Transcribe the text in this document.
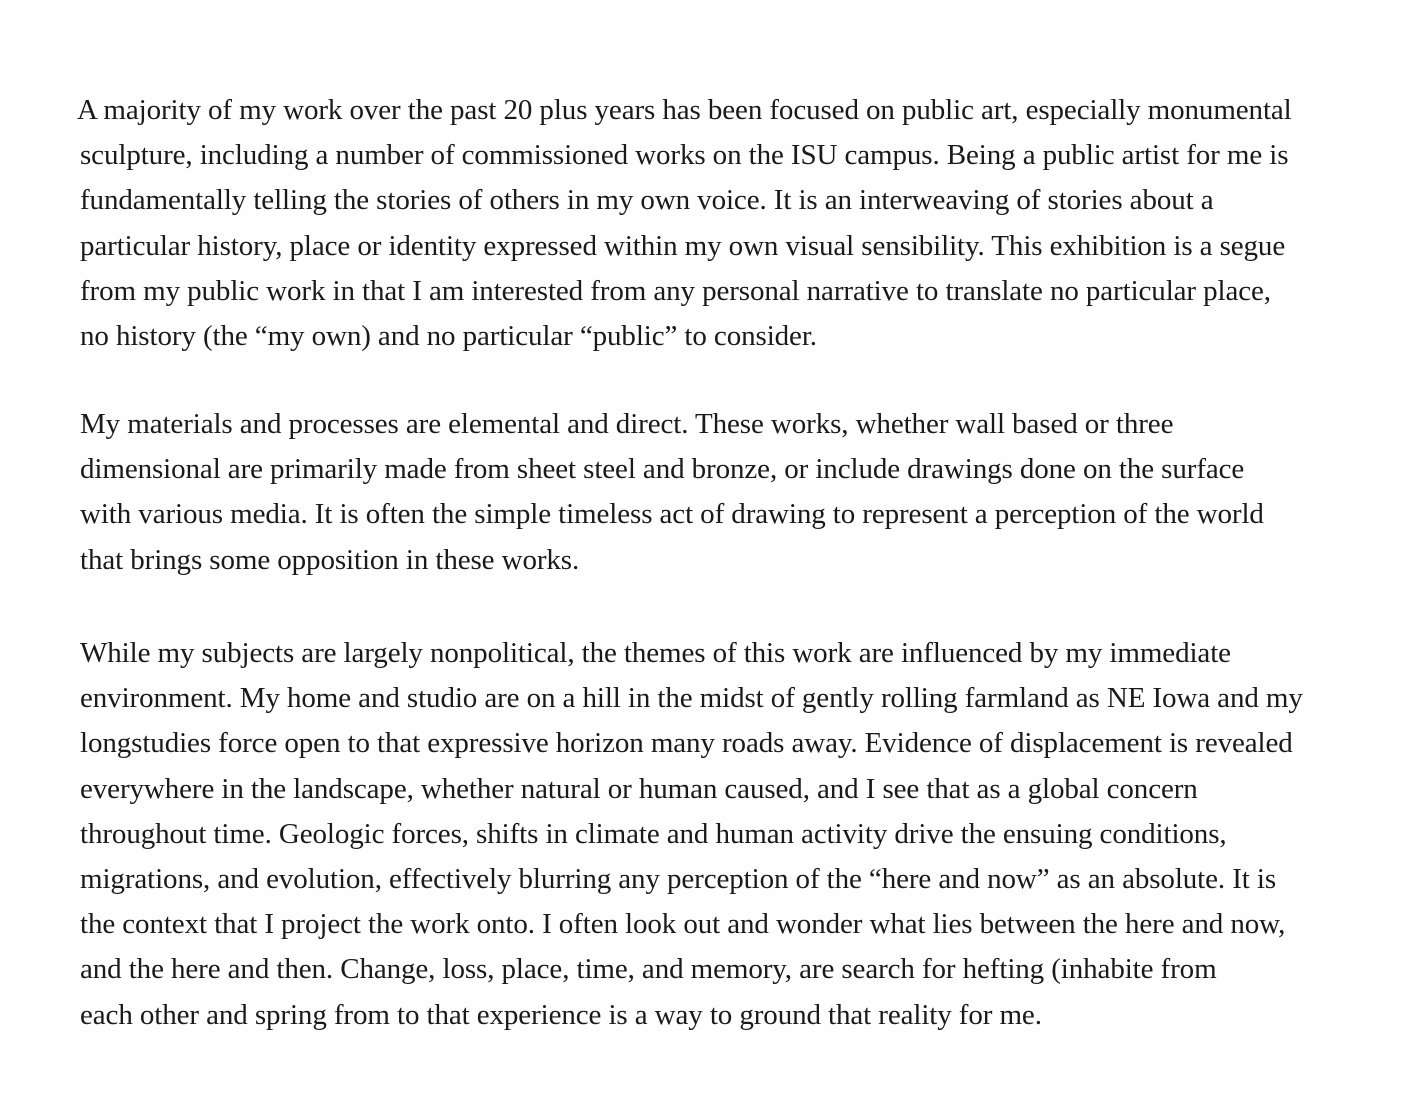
A majority of my work over the past 20 plus years has been focused on public art, especially monumental
sculpture, including a number of commissioned works on the ISU campus. Being a public artist for me is
fundamentally telling the stories of others in my own voice. It is an interweaving of stories about a
particular history, place or identity expressed within my own visual sensibility. This exhibition is a segue
from my public work in that I am interested from any personal narrative to translate no particular place,
no history (the “my own) and no particular “public” to consider.

My materials and processes are elemental and direct. These works, whether wall based or three
dimensional are primarily made from sheet steel and bronze, or include drawings done on the surface
with various media. It is often the simple timeless act of drawing to represent a perception of the world
that brings some opposition in these works.

While my subjects are largely nonpolitical, the themes of this work are influenced by my immediate
environment. My home and studio are on a hill in the midst of gently rolling farmland as NE Iowa and my
longstudies force open to that expressive horizon many roads away. Evidence of displacement is revealed
everywhere in the landscape, whether natural or human caused, and I see that as a global concern
throughout time. Geologic forces, shifts in climate and human activity drive the ensuing conditions,
migrations, and evolution, effectively blurring any perception of the “here and now” as an absolute. It is
the context that I project the work onto. I often look out and wonder what lies between the here and now,
and the here and then. Change, loss, place, time, and memory, are search for hefting (inhabite from
each other and spring from to that experience is a way to ground that reality for me.
